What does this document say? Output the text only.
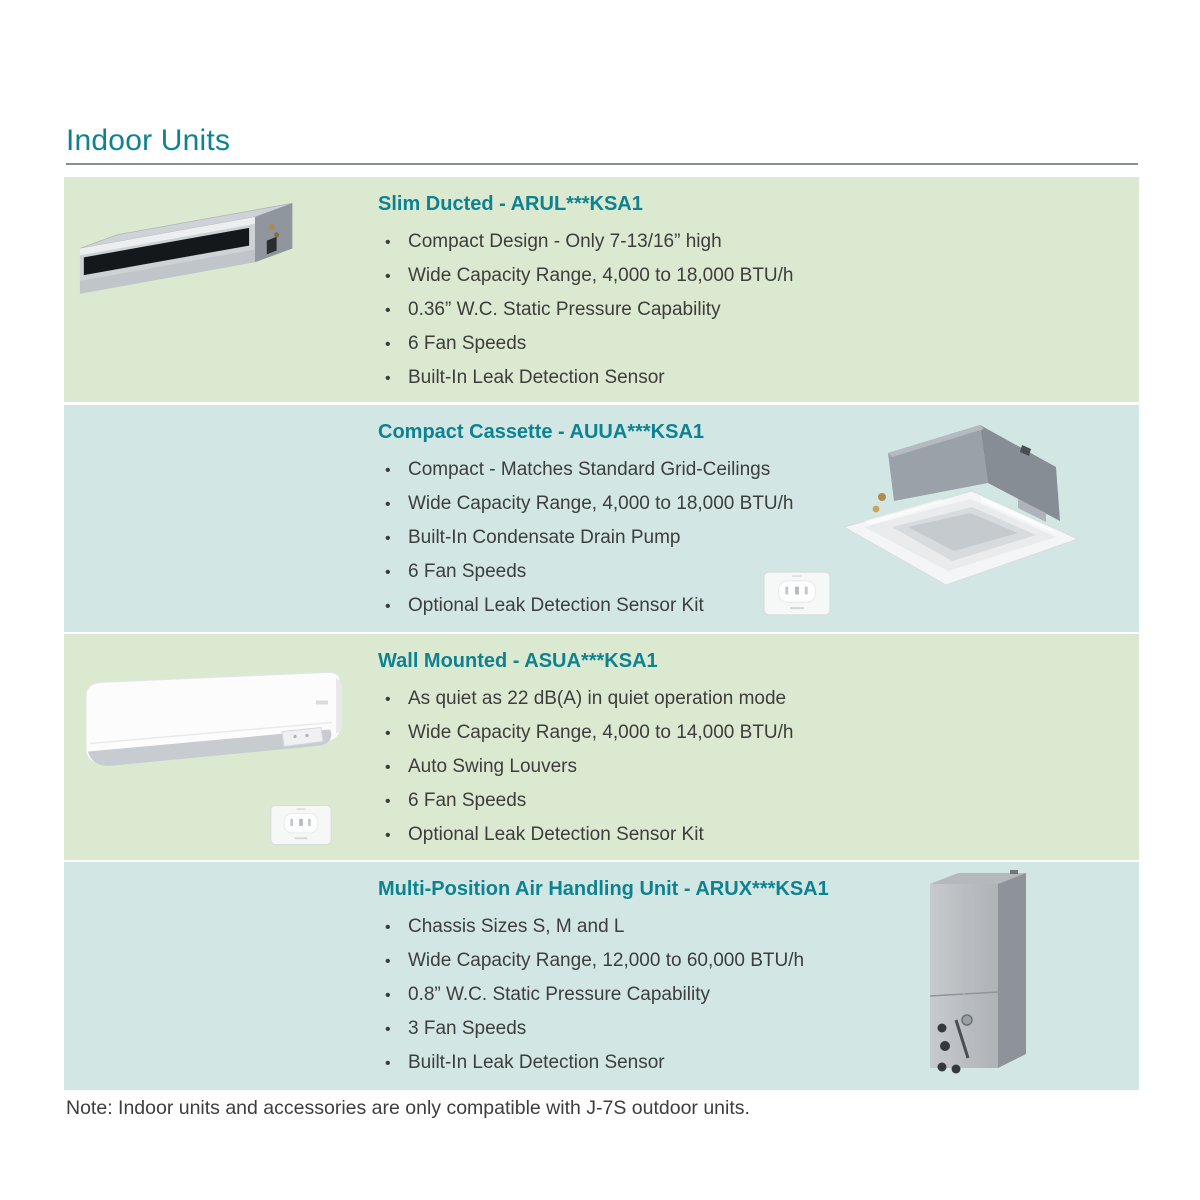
Indoor Units
Slim Ducted - ARUL***KSA1
• Compact Design - Only 7-13/16” high
• Wide Capacity Range, 4,000 to 18,000 BTU/h
• 0.36” W.C. Static Pressure Capability
• 6 Fan Speeds
• Built-In Leak Detection Sensor
Compact Cassette - AUUA***KSA1
• Compact - Matches Standard Grid-Ceilings
• Wide Capacity Range, 4,000 to 18,000 BTU/h
• Built-In Condensate Drain Pump
• 6 Fan Speeds
• Optional Leak Detection Sensor Kit
Wall Mounted - ASUA***KSA1
• As quiet as 22 dB(A) in quiet operation mode
• Wide Capacity Range, 4,000 to 14,000 BTU/h
• Auto Swing Louvers
• 6 Fan Speeds
• Optional Leak Detection Sensor Kit
Multi-Position Air Handling Unit - ARUX***KSA1
• Chassis Sizes S, M and L
• Wide Capacity Range, 12,000 to 60,000 BTU/h
• 0.8” W.C. Static Pressure Capability
• 3 Fan Speeds
• Built-In Leak Detection Sensor

Note: Indoor units and accessories are only compatible with J-7S outdoor units.
